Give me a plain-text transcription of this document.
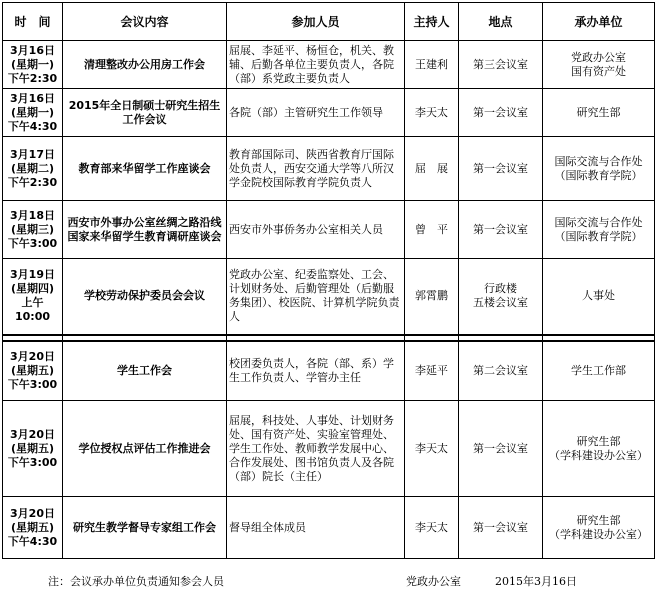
时　间	会议内容	参加人员	主持人	地点	承办单位

3月16日
(星期一)
下午2:30	清理整改办公用房工作会	屈展、李延平、杨恒仓，机关、教辅、后勤各单位主要负责人，各院（部）系党政主要负责人	王建利	第三会议室	党政办公室
国有资产处

3月16日
(星期一)
下午4:30	2015年全日制硕士研究生招生工作会议	各院（部）主管研究生工作领导	李天太	第一会议室	研究生部

3月17日
(星期二)
下午2:30	教育部来华留学工作座谈会	教育部国际司、陕西省教育厅国际处负责人，西安交通大学等八所汉学金院校国际教育学院负责人	屈　展	第一会议室	国际交流与合作处
（国际教育学院）

3月18日
(星期三)
下午3:00	西安市外事办公室丝绸之路沿线国家来华留学生教育调研座谈会	西安市外事侨务办公室相关人员	曾　平	第一会议室	国际交流与合作处
（国际教育学院）

3月19日
(星期四)
上午10:00	学校劳动保护委员会会议	党政办公室、纪委监察处、工会、计划财务处、后勤管理处（后勤服务集团）、校医院、计算机学院负责人	郭霄鹏	行政楼
五楼会议室	人事处

3月20日
(星期五)
下午3:00	学生工作会	校团委负责人，各院（部、系）学生工作负责人、学管办主任	李延平	第二会议室	学生工作部

3月20日
(星期五)
下午3:00	学位授权点评估工作推进会	屈展，科技处、人事处、计划财务处、国有资产处、实验室管理处、学生工作处、教师教学发展中心、合作发展处、图书馆负责人及各院（部）院长（主任）	李天太	第一会议室	研究生部
（学科建设办公室）

3月20日
(星期五)
下午4:30	研究生教学督导专家组工作会	督导组全体成员	李天太	第一会议室	研究生部
（学科建设办公室）
注：会议承办单位负责通知参会人员	党政办公室	2015年3月16日
